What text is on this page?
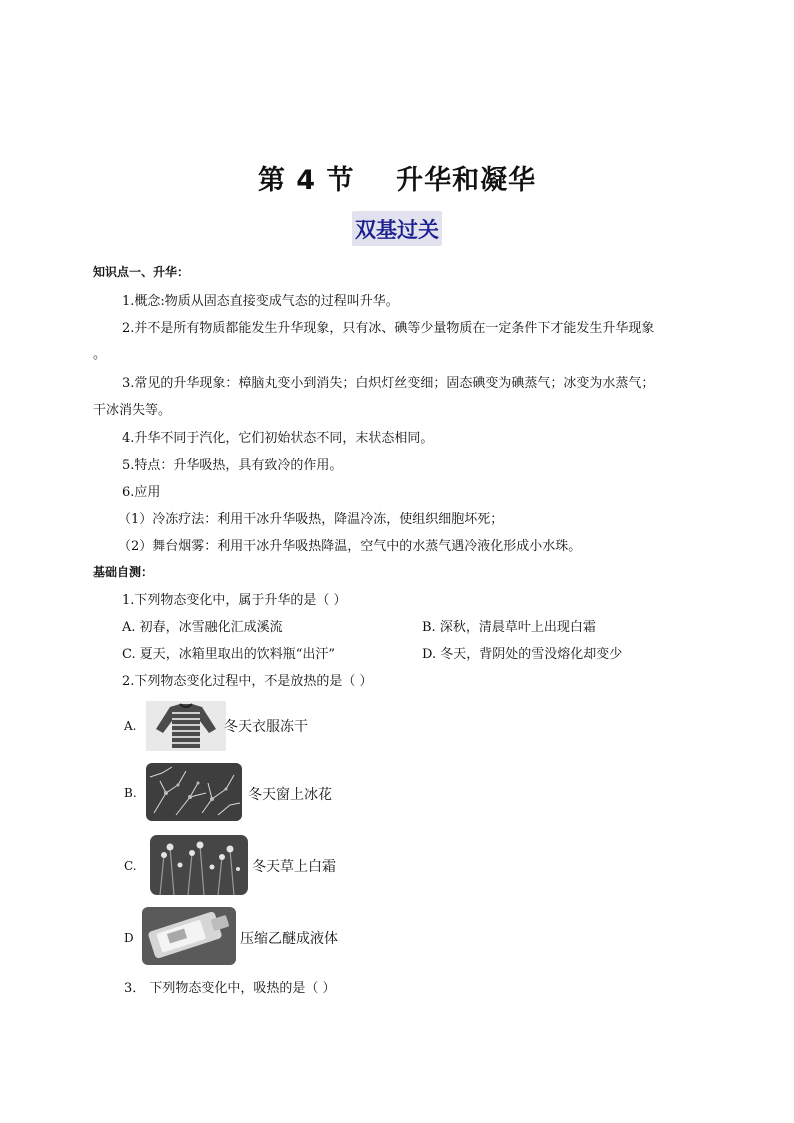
第 4 节    升华和凝华
双基过关
知识点一、升华：
1.概念:物质从固态直接变成气态的过程叫升华。
2.并不是所有物质都能发生升华现象，只有冰、碘等少量物质在一定条件下才能发生升华现象
。
3.常见的升华现象：樟脑丸变小到消失；白炽灯丝变细；固态碘变为碘蒸气；冰变为水蒸气；
干冰消失等。
4.升华不同于汽化，它们初始状态不同，末状态相同。
5.特点：升华吸热，具有致冷的作用。
6.应用
（1）冷冻疗法：利用干冰升华吸热，降温冷冻，使组织细胞坏死；
（2）舞台烟雾：利用干冰升华吸热降温，空气中的水蒸气遇冷液化形成小水珠。
基础自测：
1.下列物态变化中，属于升华的是（ ）
A. 初春，冰雪融化汇成溪流	B. 深秋，清晨草叶上出现白霜
C. 夏天，冰箱里取出的饮料瓶“出汗”	D. 冬天，背阴处的雪没熔化却变少
2.下列物态变化过程中，不是放热的是（ ）
A.	冬天衣服冻干
B.	冬天窗上冰花
C.	冬天草上白霜
D	压缩乙醚成液体
3． 下列物态变化中，吸热的是（ ）
